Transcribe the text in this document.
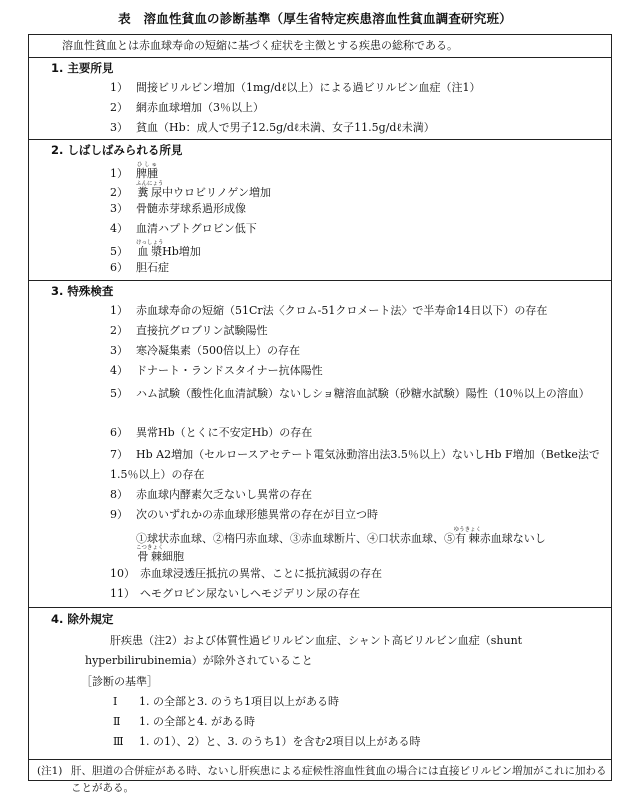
表　溶血性貧血の診断基準（厚生省特定疾患溶血性貧血調査研究班）
溶血性貧血とは赤血球寿命の短縮に基づく症状を主徴とする疾患の総称である。
1. 主要所見
1） 間接ビリルビン増加（1mg/dℓ以上）による過ビリルビン血症（注1）
2） 網赤血球増加（3％以上）
3） 貧血（Hb：成人で男子12.5g/dℓ未満、女子11.5g/dℓ未満）
2. しばしばみられる所見
1） 脾腫ひしゅ
2） 糞尿ふんにょう中ウロビリノゲン増加
3） 骨髄赤芽球系過形成像
4） 血清ハプトグロビン低下
5） 血漿けっしょうHb増加
6） 胆石症
3. 特殊検査
1） 赤血球寿命の短縮（51Cr法〈クロム-51クロメート法〉で半寿命14日以下）の存在
2） 直接抗グロブリン試験陽性
3） 寒冷凝集素（500倍以上）の存在
4） ドナート・ランドスタイナー抗体陽性
5） ハム試験（酸性化血清試験）ないしショ糖溶血試験（砂糖水試験）陽性（10％以上の溶血）
6） 異常Hb（とくに不安定Hb）の存在
7） Hb A2増加（セルロースアセテート電気泳動溶出法3.5％以上）ないしHb F増加（Betke法で1.5％以上）の存在
8） 赤血球内酵素欠乏ないし異常の存在
9） 次のいずれかの赤血球形態異常の存在が目立つ時
①球状赤血球、②楕円赤血球、③赤血球断片、④口状赤血球、⑤有棘ゆうきょく赤血球ないし
骨棘こつきょく細胞
10） 赤血球浸透圧抵抗の異常、ことに抵抗減弱の存在
11） ヘモグロビン尿ないしヘモジデリン尿の存在
4. 除外規定
肝疾患（注2）および体質性過ビリルビン血症、シャント高ビリルビン血症（shunt hyperbilirubinemia）が除外されていること
［診断の基準］
Ⅰ 1. の全部と3. のうち1項目以上がある時
Ⅱ 1. の全部と4. がある時
Ⅲ 1. の1）、2）と、3. のうち1）を含む2項目以上がある時
(注1) 肝、胆道の合併症がある時、ないし肝疾患による症候性溶血性貧血の場合には直接ビリルビン増加がこれに加わることがある。
